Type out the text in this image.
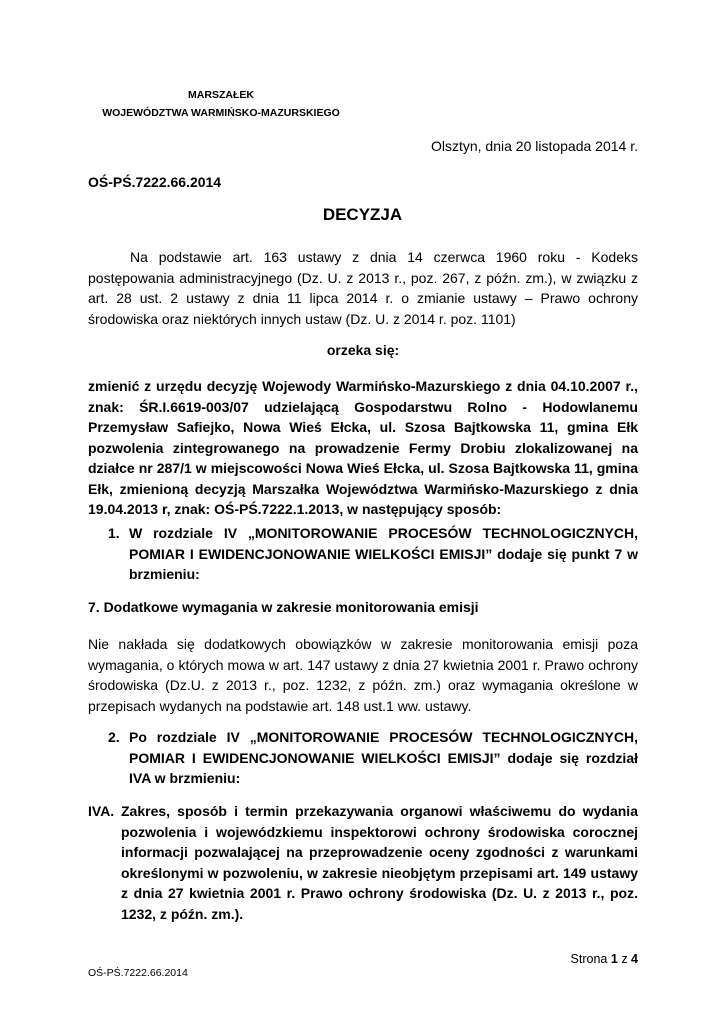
MARSZAŁEK
WOJEWÓDZTWA WARMIŃSKO-MAZURSKIEGO
Olsztyn, dnia 20 listopada 2014 r.
OŚ-PŚ.7222.66.2014
DECYZJA
Na podstawie art. 163 ustawy z dnia 14 czerwca 1960 roku - Kodeks postępowania administracyjnego (Dz. U. z 2013 r., poz. 267, z późn. zm.), w związku z art. 28 ust. 2 ustawy z dnia 11 lipca 2014 r. o zmianie ustawy – Prawo ochrony środowiska oraz niektórych innych ustaw (Dz. U. z 2014 r. poz. 1101)
orzeka się:
zmienić z urzędu decyzję Wojewody Warmińsko-Mazurskiego z dnia 04.10.2007 r., znak: ŚR.I.6619-003/07 udzielającą Gospodarstwu Rolno - Hodowlanemu Przemysław Safiejko, Nowa Wieś Ełcka, ul. Szosa Bajtkowska 11, gmina Ełk pozwolenia zintegrowanego na prowadzenie Fermy Drobiu zlokalizowanej na działce nr 287/1 w miejscowości Nowa Wieś Ełcka, ul. Szosa Bajtkowska 11, gmina Ełk, zmienioną decyzją Marszałka Województwa Warmińsko-Mazurskiego z dnia 19.04.2013 r, znak: OŚ-PŚ.7222.1.2013, w następujący sposób:
1. W rozdziale IV „MONITOROWANIE PROCESÓW TECHNOLOGICZNYCH, POMIAR I EWIDENCJONOWANIE WIELKOŚCI EMISJI” dodaje się punkt 7 w brzmieniu:
7. Dodatkowe wymagania w zakresie monitorowania emisji
Nie nakłada się dodatkowych obowiązków w zakresie monitorowania emisji poza wymagania, o których mowa w art. 147 ustawy z dnia 27 kwietnia 2001 r. Prawo ochrony środowiska (Dz.U. z 2013 r., poz. 1232, z późn. zm.) oraz wymagania określone w przepisach wydanych na podstawie art. 148 ust.1 ww. ustawy.
2. Po rozdziale IV „MONITOROWANIE PROCESÓW TECHNOLOGICZNYCH, POMIAR I EWIDENCJONOWANIE WIELKOŚCI EMISJI” dodaje się rozdział IVA w brzmieniu:
IVA. Zakres, sposób i termin przekazywania organowi właściwemu do wydania pozwolenia i wojewódzkiemu inspektorowi ochrony środowiska corocznej informacji pozwalającej na przeprowadzenie oceny zgodności z warunkami określonymi w pozwoleniu, w zakresie nieobjętym przepisami art. 149 ustawy z dnia 27 kwietnia 2001 r. Prawo ochrony środowiska (Dz. U. z 2013 r., poz. 1232, z późn. zm.).
Strona 1 z 4
OŚ-PŚ.7222.66.2014
